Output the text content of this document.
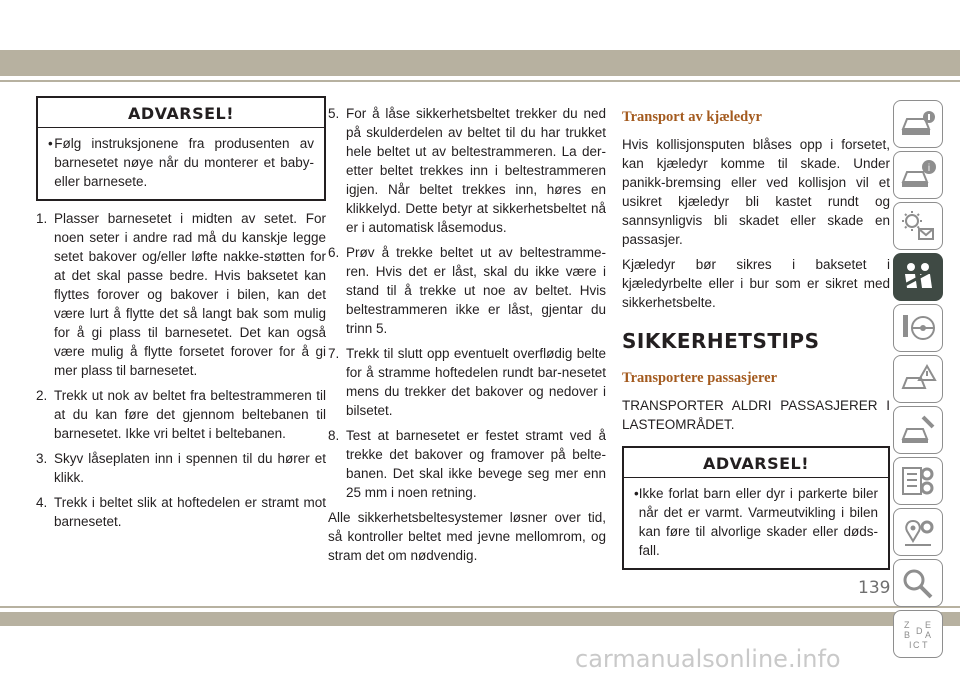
ADVARSEL!
• Følg instruksjonene fra produsenten av barnesetet nøye når du monterer et baby- eller barnesete.
1. Plasser barnesetet i midten av setet. For noen seter i andre rad må du kanskje legge setet bakover og/eller løfte nakke-støtten for at det skal passe bedre. Hvis baksetet kan flyttes forover og bakover i bilen, kan det være lurt å flytte det så langt bak som mulig for å gi plass til barnesetet. Det kan også være mulig å flytte forsetet forover for å gi mer plass til barnesetet.
2. Trekk ut nok av beltet fra beltestrammeren til at du kan føre det gjennom beltebanen til barnesetet. Ikke vri beltet i beltebanen.
3. Skyv låseplaten inn i spennen til du hører et klikk.
4. Trekk i beltet slik at hoftedelen er stramt mot barnesetet.
5. For å låse sikkerhetsbeltet trekker du ned på skulderdelen av beltet til du har trukket hele beltet ut av beltestrammeren. La der-etter beltet trekkes inn i beltestrammeren igjen. Når beltet trekkes inn, høres en klikkelyd. Dette betyr at sikkerhetsbeltet nå er i automatisk låsemodus.
6. Prøv å trekke beltet ut av beltestramme-ren. Hvis det er låst, skal du ikke være i stand til å trekke ut noe av beltet. Hvis beltestrammeren ikke er låst, gjentar du trinn 5.
7. Trekk til slutt opp eventuelt overflødig belte for å stramme hoftedelen rundt bar-nesetet mens du trekker det bakover og nedover i bilsetet.
8. Test at barnesetet er festet stramt ved å trekke det bakover og framover på belte-banen. Det skal ikke bevege seg mer enn 25 mm i noen retning.

Alle sikkerhetsbeltesystemer løsner over tid, så kontroller beltet med jevne mellomrom, og stram det om nødvendig.

Transport av kjæledyr

Hvis kollisjonsputen blåses opp i forsetet, kan kjæledyr komme til skade. Under panikk-bremsing eller ved kollisjon vil et usikret kjæledyr bli kastet rundt og sannsynligvis bli skadet eller skade en passasjer.

Kjæledyr bør sikres i baksetet i kjæledyrbelte eller i bur som er sikret med sikkerhetsbelte.

SIKKERHETSTIPS
Transportere passasjerer

TRANSPORTER ALDRI PASSASJERER I LASTEOMRÅDET.

ADVARSEL!
• Ikke forlat barn eller dyr i parkerte biler når det er varmt. Varmeutvikling i bilen kan føre til alvorlige skader eller døds-fall.
i
Z E
B A
D
I C T
139
carmanualsonline.info
